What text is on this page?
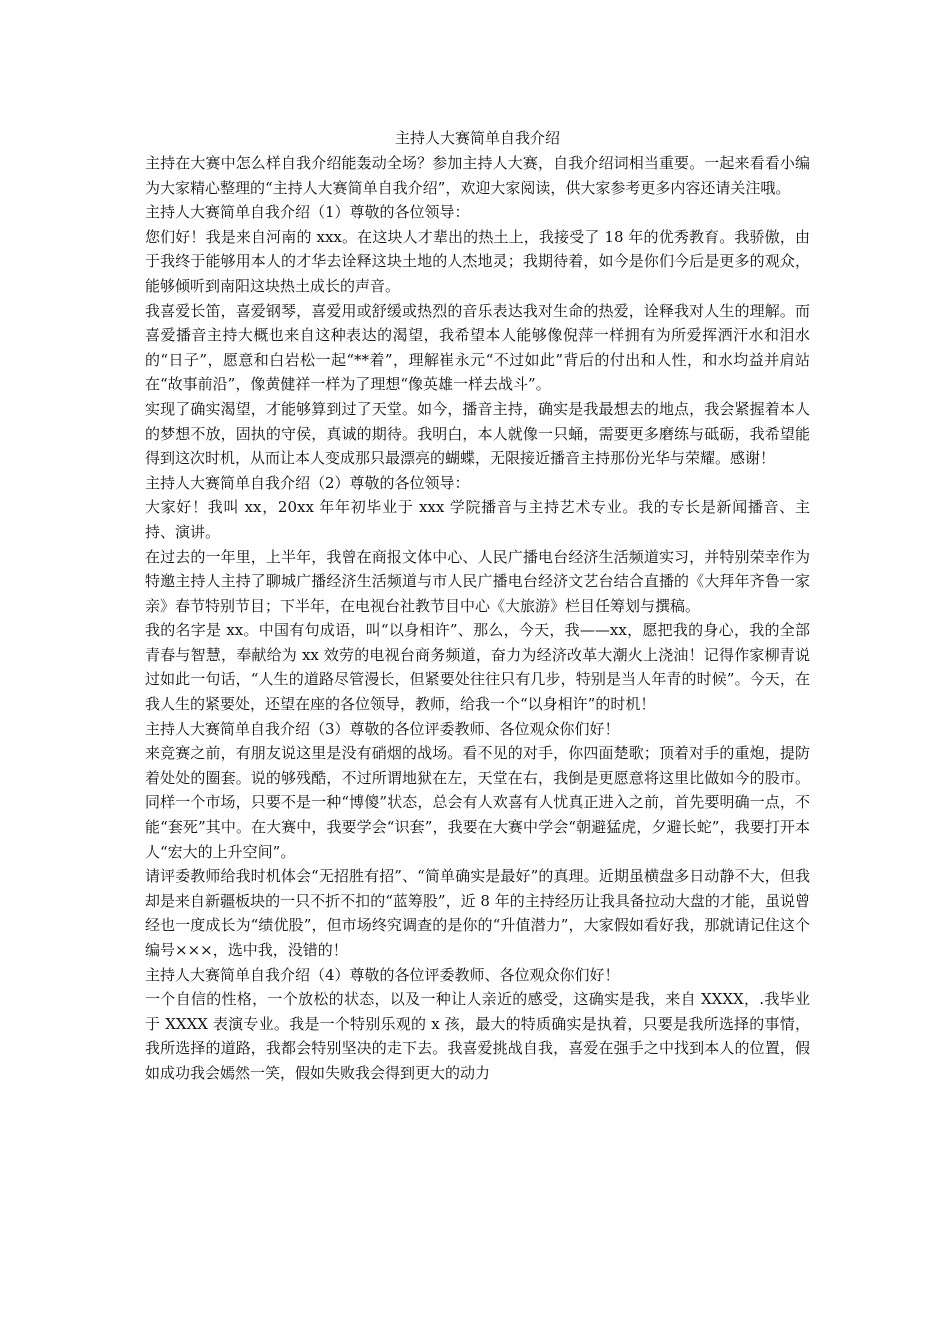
主持人大赛简单自我介绍

主持在大赛中怎么样自我介绍能轰动全场？参加主持人大赛，自我介绍词相当重要。一起来看看小编为大家精心整理的“主持人大赛简单自我介绍”，欢迎大家阅读，供大家参考更多内容还请关注哦。

主持人大赛简单自我介绍（1）尊敬的各位领导：

您们好！我是来自河南的 xxx。在这块人才辈出的热土上，我接受了 18 年的优秀教育。我骄傲，由于我终于能够用本人的才华去诠释这块土地的人杰地灵；我期待着，如今是你们今后是更多的观众，能够倾听到南阳这块热土成长的声音。

我喜爱长笛，喜爱钢琴，喜爱用或舒缓或热烈的音乐表达我对生命的热爱，诠释我对人生的理解。而喜爱播音主持大概也来自这种表达的渴望，我希望本人能够像倪萍一样拥有为所爱挥洒汗水和泪水的“日子”，愿意和白岩松一起“**着”，理解崔永元“不过如此”背后的付出和人性，和水均益并肩站在“故事前沿”，像黄健祥一样为了理想“像英雄一样去战斗”。

实现了确实渴望，才能够算到过了天堂。如今，播音主持，确实是我最想去的地点，我会紧握着本人的梦想不放，固执的守侯，真诚的期待。我明白，本人就像一只蛹，需要更多磨练与砥砺，我希望能得到这次时机，从而让本人变成那只最漂亮的蝴蝶，无限接近播音主持那份光华与荣耀。感谢！

主持人大赛简单自我介绍（2）尊敬的各位领导：

大家好！我叫 xx，20xx 年年初毕业于 xxx 学院播音与主持艺术专业。我的专长是新闻播音、主持、演讲。

在过去的一年里，上半年，我曾在商报文体中心、人民广播电台经济生活频道实习，并特别荣幸作为特邀主持人主持了聊城广播经济生活频道与市人民广播电台经济文艺台结合直播的《大拜年齐鲁一家亲》春节特别节目；下半年，在电视台社教节目中心《大旅游》栏目任筹划与撰稿。

我的名字是 xx。中国有句成语，叫“以身相许”、那么，今天，我——xx，愿把我的身心，我的全部青春与智慧，奉献给为 xx 效劳的电视台商务频道，奋力为经济改革大潮火上浇油！记得作家柳青说过如此一句话，“人生的道路尽管漫长，但紧要处往往只有几步，特别是当人年青的时候”。今天，在我人生的紧要处，还望在座的各位领导，教师，给我一个“以身相许”的时机！

主持人大赛简单自我介绍（3）尊敬的各位评委教师、各位观众你们好！

来竞赛之前，有朋友说这里是没有硝烟的战场。看不见的对手，你四面楚歌；顶着对手的重炮，提防着处处的圈套。说的够残酷，不过所谓地狱在左，天堂在右，我倒是更愿意将这里比做如今的股市。同样一个市场，只要不是一种“博傻”状态，总会有人欢喜有人忧真正进入之前，首先要明确一点，不能“套死”其中。在大赛中，我要学会“识套”，我要在大赛中学会“朝避猛虎，夕避长蛇”，我要打开本人“宏大的上升空间”。

请评委教师给我时机体会“无招胜有招”、“简单确实是最好”的真理。近期虽横盘多日动静不大，但我却是来自新疆板块的一只不折不扣的“蓝筹股”，近 8 年的主持经历让我具备拉动大盘的才能，虽说曾经也一度成长为“绩优股”，但市场终究调查的是你的“升值潜力”，大家假如看好我，那就请记住这个编号×××，选中我，没错的！

主持人大赛简单自我介绍（4）尊敬的各位评委教师、各位观众你们好！

一个自信的性格，一个放松的状态，以及一种让人亲近的感受，这确实是我，来自 XXXX，.我毕业于 XXXX 表演专业。我是一个特别乐观的 x 孩，最大的特质确实是执着，只要是我所选择的事情，我所选择的道路，我都会特别坚决的走下去。我喜爱挑战自我，喜爱在强手之中找到本人的位置，假如成功我会嫣然一笑，假如失败我会得到更大的动力
